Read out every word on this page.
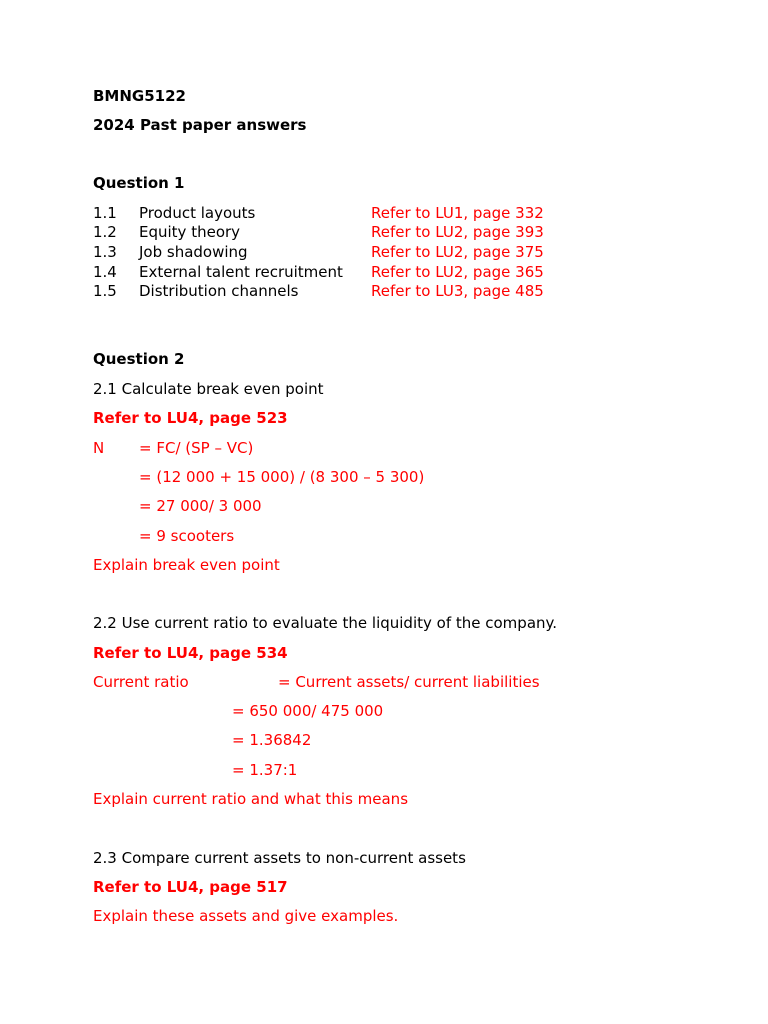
BMNG5122
2024 Past paper answers
Question 1
1.1 Product layouts	Refer to LU1, page 332
1.2 Equity theory	Refer to LU2, page 393
1.3 Job shadowing	Refer to LU2, page 375
1.4 External talent recruitment Refer to LU2, page 365
1.5 Distribution channels	Refer to LU3, page 485
Question 2
2.1 Calculate break even point
Refer to LU4, page 523
N = FC/ (SP – VC)
= (12 000 + 15 000) / (8 300 – 5 300)
= 27 000/ 3 000
= 9 scooters
Explain break even point
2.2 Use current ratio to evaluate the liquidity of the company.
Refer to LU4, page 534
Current ratio	= Current assets/ current liabilities
= 650 000/ 475 000
= 1.36842
= 1.37:1
Explain current ratio and what this means
2.3 Compare current assets to non-current assets
Refer to LU4, page 517
Explain these assets and give examples.
